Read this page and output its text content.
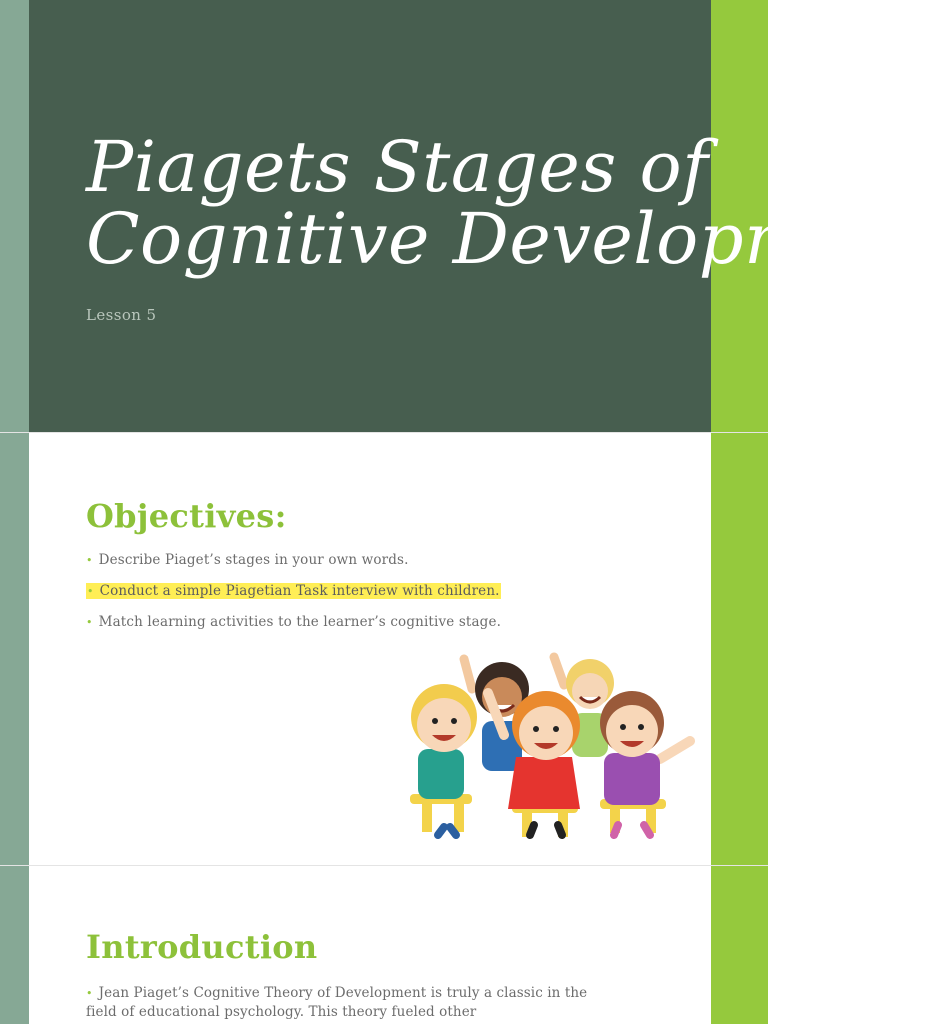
Piagets Stages of
Cognitive Development
Lesson 5
Objectives:
• Describe Piaget’s stages in your own words.
• Conduct a simple Piagetian Task interview with children.
• Match learning activities to the learner’s cognitive stage.
Introduction

• Jean Piaget’s Cognitive Theory of Development is truly a classic in the field of educational psychology. This theory fueled other
